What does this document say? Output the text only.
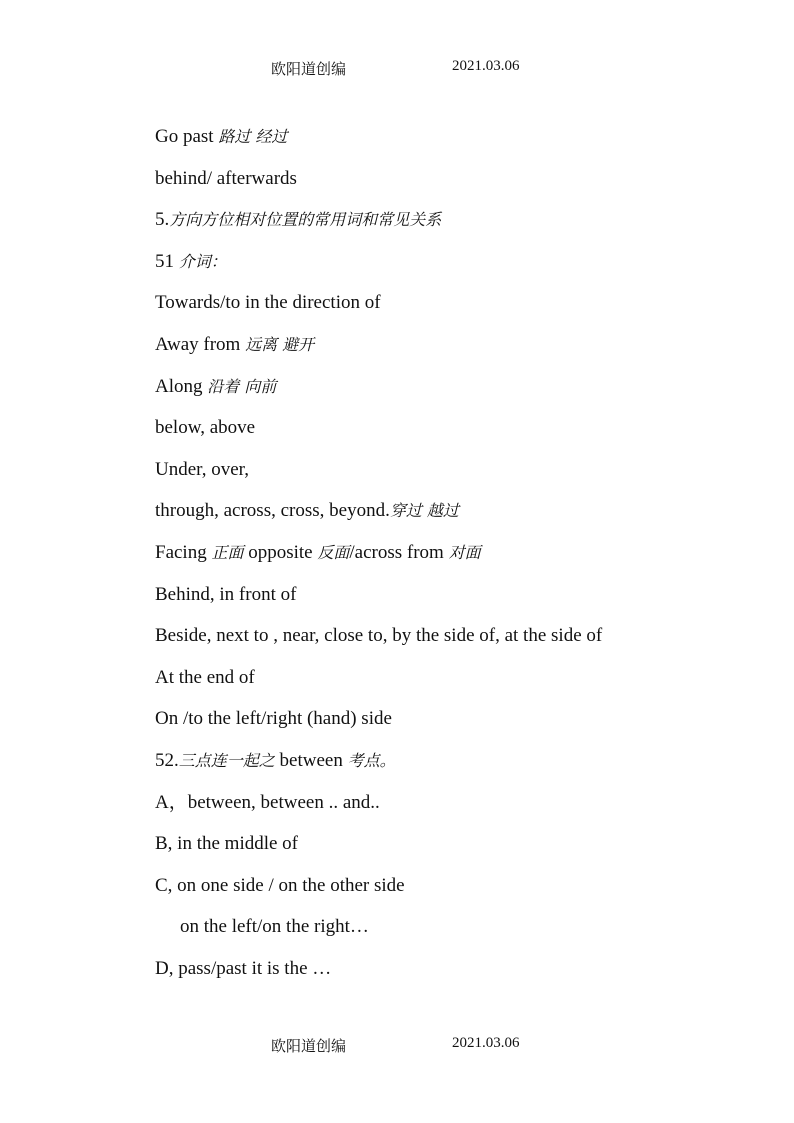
欧阳道创编	2021.03.06
Go past 路过 经过
behind/ afterwards
5.方向方位相对位置的常用词和常见关系
51 介词：
Towards/to in the direction of
Away from 远离 避开
Along 沿着 向前
below, above
Under, over,
through, across, cross, beyond.穿过 越过
Facing 正面 opposite 反面/across from 对面
Behind, in front of
Beside, next to , near, close to, by the side of, at the side of
At the end of
On /to the left/right (hand) side
52.三点连一起之 between 考点。
A，between, between .. and..
B, in the middle of
C, on one side / on the other side
on the left/on the right…
D, pass/past it is the …
欧阳道创编	2021.03.06
